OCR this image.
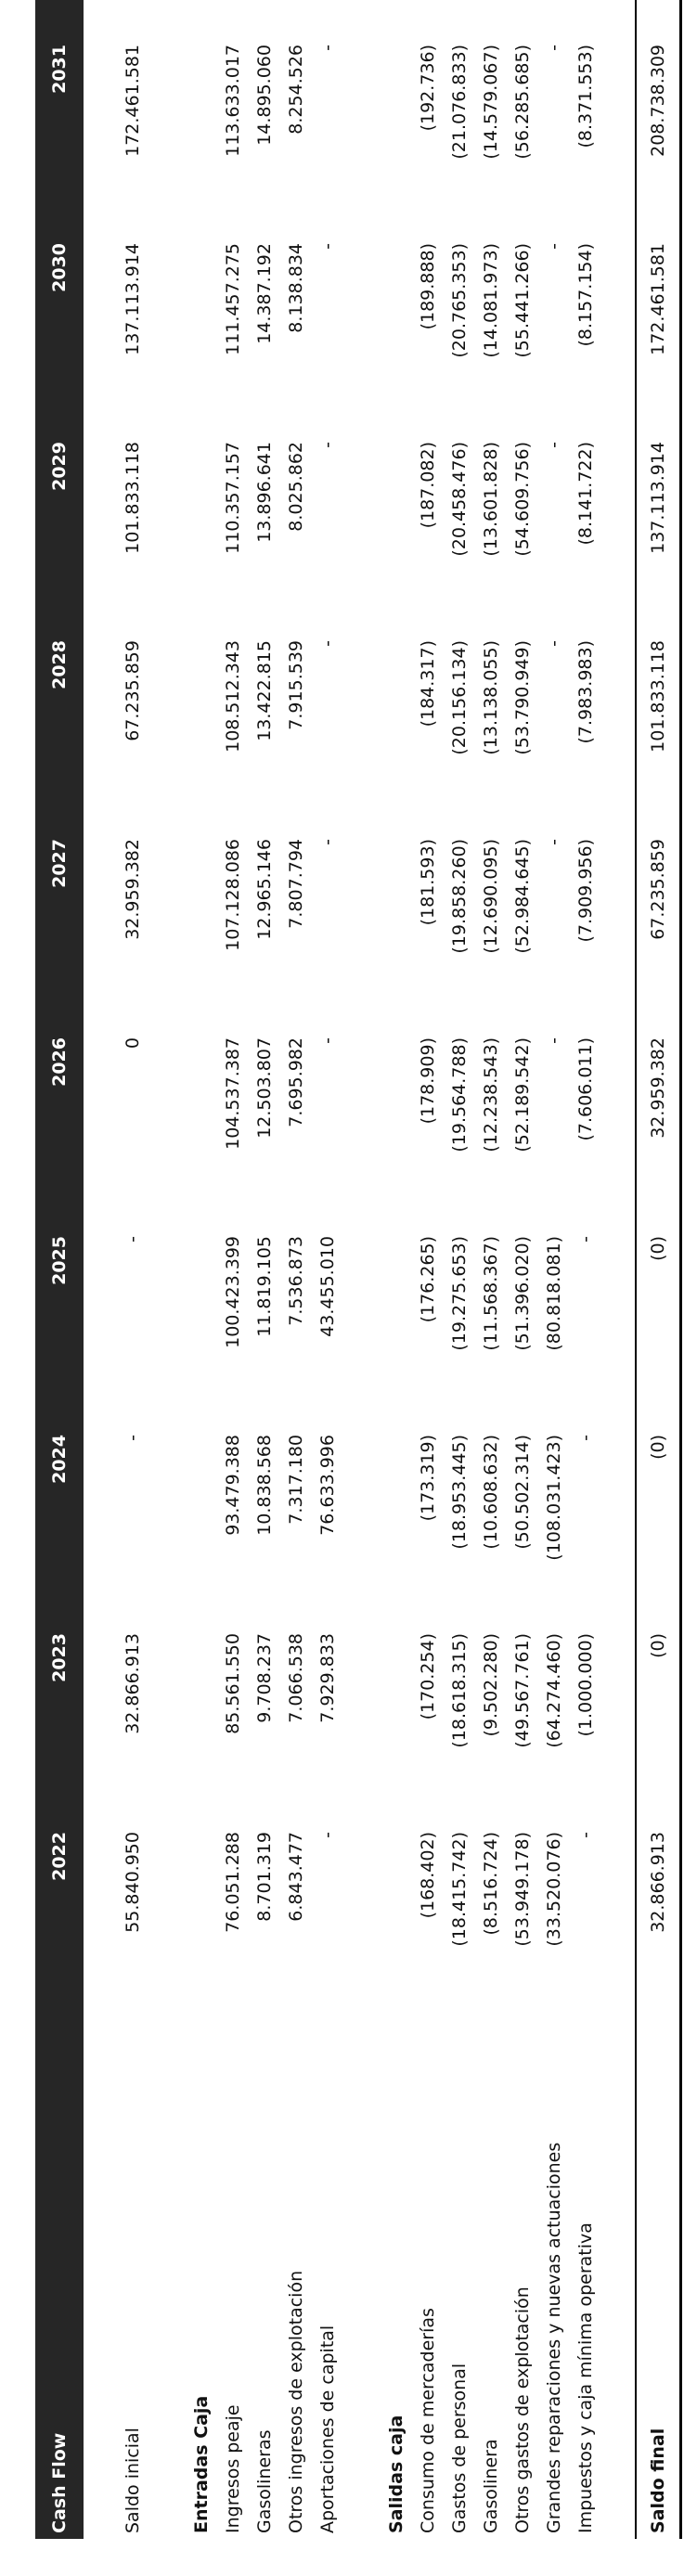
Cash Flow	2022	2023	2024	2025	2026	2027	2028	2029	2030	2031	

Saldo inicial	55.840.950	32.866.913	-	-	0	32.959.382	67.235.859	101.833.118	137.113.914	172.461.581	

Entradas Caja											
Ingresos peaje	76.051.288	85.561.550	93.479.388	100.423.399	104.537.387	107.128.086	108.512.343	110.357.157	111.457.275	113.633.017	
Gasolineras	8.701.319	9.708.237	10.838.568	11.819.105	12.503.807	12.965.146	13.422.815	13.896.641	14.387.192	14.895.060	
Otros ingresos de explotación	6.843.477	7.066.538	7.317.180	7.536.873	7.695.982	7.807.794	7.915.539	8.025.862	8.138.834	8.254.526	
Aportaciones de capital	-	7.929.833	76.633.996	43.455.010	-	-	-	-	-	-	

Salidas caja											
Consumo de mercaderías	(168.402)	(170.254)	(173.319)	(176.265)	(178.909)	(181.593)	(184.317)	(187.082)	(189.888)	(192.736)	
Gastos de personal	(18.415.742)	(18.618.315)	(18.953.445)	(19.275.653)	(19.564.788)	(19.858.260)	(20.156.134)	(20.458.476)	(20.765.353)	(21.076.833)	
Gasolinera	(8.516.724)	(9.502.280)	(10.608.632)	(11.568.367)	(12.238.543)	(12.690.095)	(13.138.055)	(13.601.828)	(14.081.973)	(14.579.067)	
Otros gastos de explotación	(53.949.178)	(49.567.761)	(50.502.314)	(51.396.020)	(52.189.542)	(52.984.645)	(53.790.949)	(54.609.756)	(55.441.266)	(56.285.685)	
Grandes reparaciones y nuevas actuaciones	(33.520.076)	(64.274.460)	(108.031.423)	(80.818.081)	-	-	-	-	-	-	
Impuestos y caja mínima operativa	-	(1.000.000)	-	-	(7.606.011)	(7.909.956)	(7.983.983)	(8.141.722)	(8.157.154)	(8.371.553)	

Saldo final	32.866.913	(0)	(0)	(0)	32.959.382	67.235.859	101.833.118	137.113.914	172.461.581	208.738.309	
